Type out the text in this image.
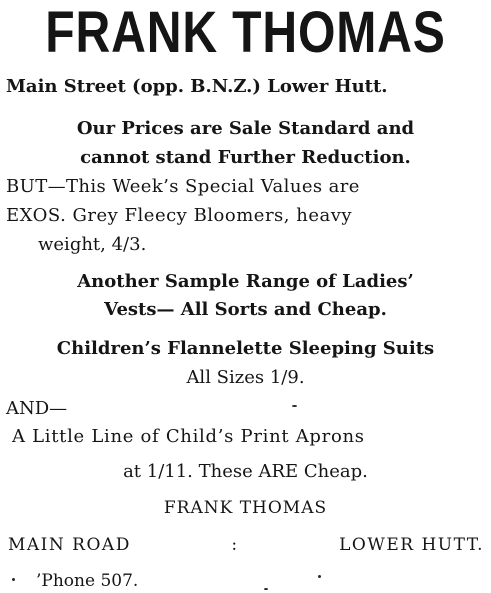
FRANK THOMAS
Main Street (opp. B.N.Z.) Lower Hutt.
Our Prices are Sale Standard and
cannot stand Further Reduction.
BUT—This Week’s Special Values are
EXOS. Grey Fleecy Bloomers, heavy
weight, 4/3.
Another Sample Range of Ladies’
Vests— All Sorts and Cheap.
Children’s Flannelette Sleeping Suits
All Sizes 1/9.
AND—
A Little Line of Child’s Print Aprons
at 1/11. These ARE Cheap.
FRANK THOMAS
MAIN ROAD	:	LOWER HUTT.
’Phone 507.
